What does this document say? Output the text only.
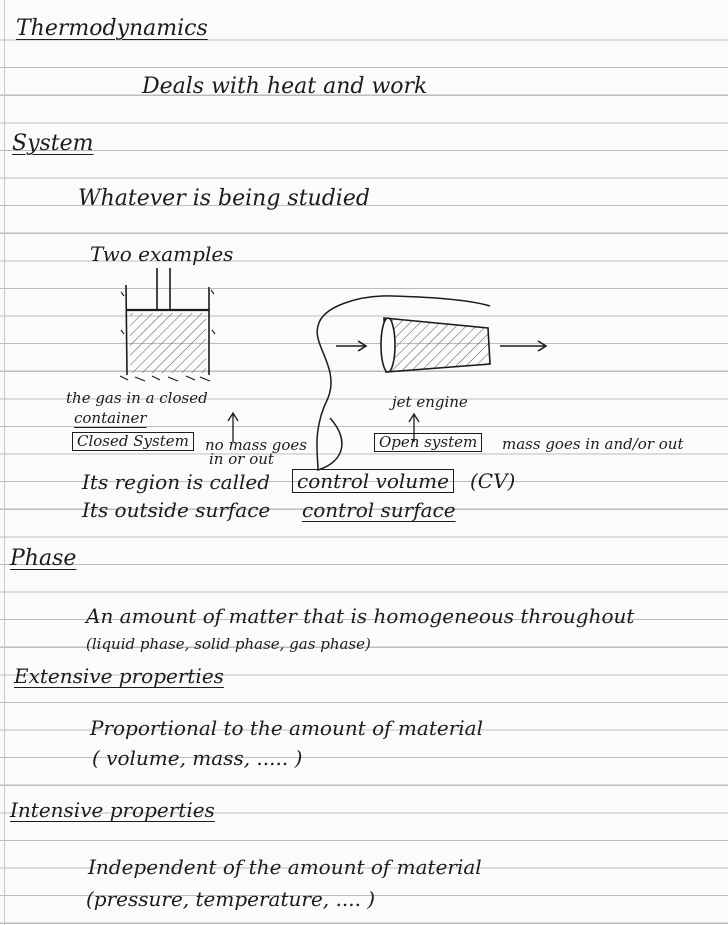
Thermodynamics
Deals with heat and work
System
Whatever is being studied
Two examples
the gas in a closed
container
Closed System	no mass goes
in or out
jet engine
Open system	mass goes in and/or out
Its region is called control volume (CV)
Its outside surface control surface
Phase
An amount of matter that is homogeneous throughout
(liquid phase, solid phase, gas phase)
Extensive properties
Proportional to the amount of material
( volume, mass, ..... )
Intensive properties
Independent of the amount of material
(pressure, temperature, .... )
